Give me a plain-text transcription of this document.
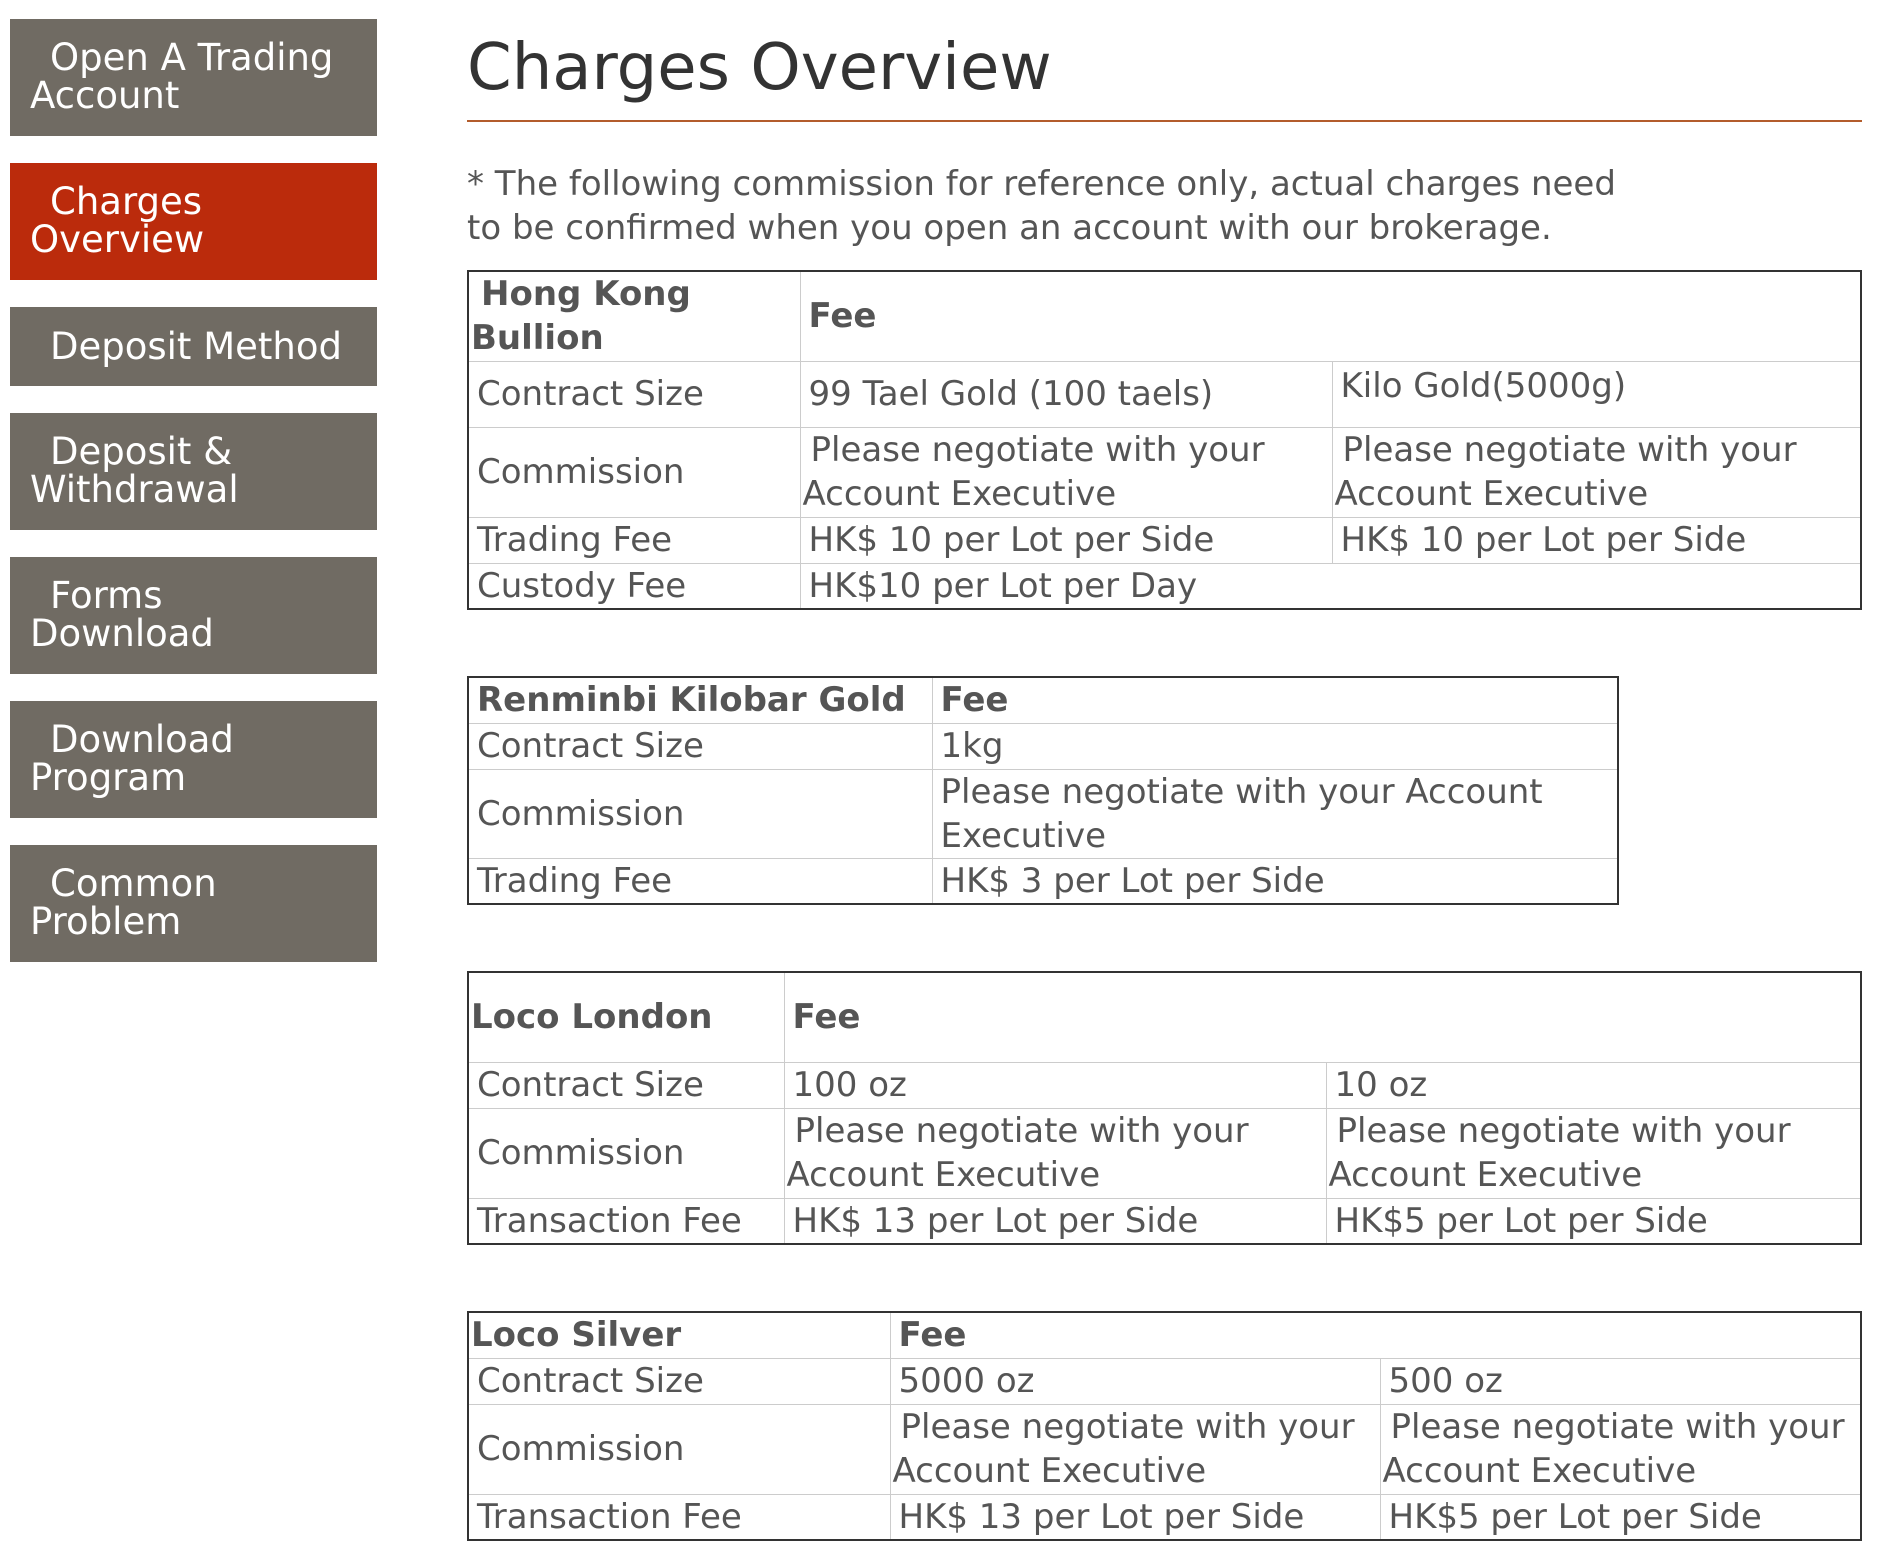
Open A Trading Account
Charges Overview
Deposit Method
Deposit & Withdrawal
Forms Download
Download Program
Common Problem
Charges Overview
* The following commission for reference only, actual charges need to be confirmed when you open an account with our brokerage.
Hong Kong Bullion	Fee	
Contract Size	99 Tael Gold (100 taels)	Kilo Gold(5000g)
Commission	Please negotiate with your Account Executive	Please negotiate with your Account Executive
Trading Fee	HK$ 10 per Lot per Side	HK$ 10 per Lot per Side
Custody Fee	HK$10 per Lot per Day	
Renminbi Kilobar Gold	Fee
Contract Size	1kg
Commission	Please negotiate with your Account Executive
Trading Fee	HK$ 3 per Lot per Side
Loco London	Fee	
Contract Size	100 oz	10 oz
Commission	Please negotiate with your Account Executive	Please negotiate with your Account Executive
Transaction Fee	HK$ 13 per Lot per Side	HK$5 per Lot per Side
Loco Silver	Fee	
Contract Size	5000 oz	500 oz
Commission	Please negotiate with your Account Executive	Please negotiate with your Account Executive
Transaction Fee	HK$ 13 per Lot per Side	HK$5 per Lot per Side
